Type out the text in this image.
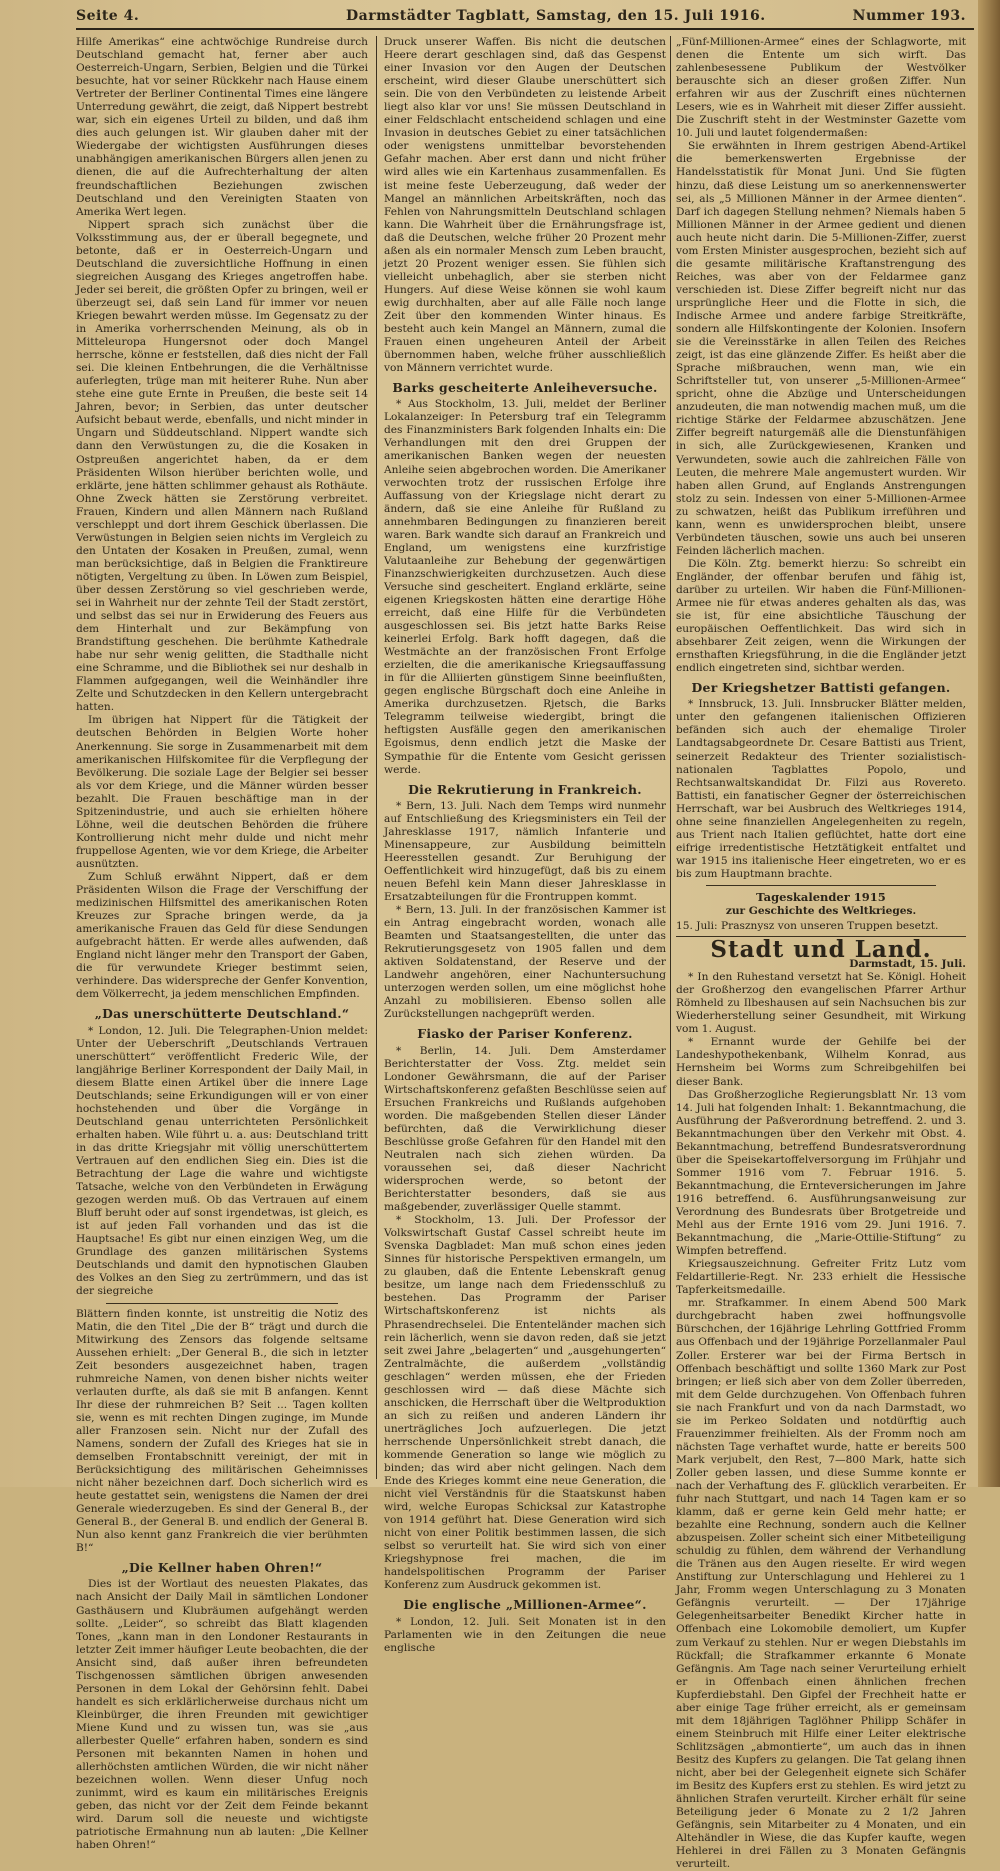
Seite 4.	Darmstädter Tagblatt, Samstag, den 15. Juli 1916.	Nummer 193.

Hilfe Amerikas“ eine achtwöchige Rundreise durch Deutschland gemacht hat, ferner aber auch Oesterreich-Ungarn, Serbien, Belgien und die Türkei besuchte, hat vor seiner Rückkehr nach Hause einem Vertreter der Berliner Continental Times eine längere Unterredung gewährt, die zeigt, daß Nippert bestrebt war, sich ein eigenes Urteil zu bilden, und daß ihm dies auch gelungen ist. Wir glauben daher mit der Wiedergabe der wichtigsten Ausführungen dieses unabhängigen amerikanischen Bürgers allen jenen zu dienen, die auf die Aufrechterhaltung der alten freundschaftlichen Beziehungen zwischen Deutschland und den Vereinigten Staaten von Amerika Wert legen.

Nippert sprach sich zunächst über die Volksstimmung aus, der er überall begegnete, und betonte, daß er in Oesterreich-Ungarn und Deutschland die zuversichtliche Hoffnung in einen siegreichen Ausgang des Krieges angetroffen habe. Jeder sei bereit, die größten Opfer zu bringen, weil er überzeugt sei, daß sein Land für immer vor neuen Kriegen bewahrt werden müsse. Im Gegensatz zu der in Amerika vorherrschenden Meinung, als ob in Mitteleuropa Hungersnot oder doch Mangel herrsche, könne er feststellen, daß dies nicht der Fall sei. Die kleinen Entbehrungen, die die Verhältnisse auferlegten, trüge man mit heiterer Ruhe. Nun aber stehe eine gute Ernte in Preußen, die beste seit 14 Jahren, bevor; in Serbien, das unter deutscher Aufsicht bebaut werde, ebenfalls, und nicht minder in Ungarn und Süddeutschland. Nippert wandte sich dann den Verwüstungen zu, die die Kosaken in Ostpreußen angerichtet haben, da er dem Präsidenten Wilson hierüber berichten wolle, und erklärte, jene hätten schlimmer gehaust als Rothäute. Ohne Zweck hätten sie Zerstörung verbreitet. Frauen, Kindern und allen Männern nach Rußland verschleppt und dort ihrem Geschick überlassen. Die Verwüstungen in Belgien seien nichts im Vergleich zu den Untaten der Kosaken in Preußen, zumal, wenn man berücksichtige, daß in Belgien die Franktireure nötigten, Vergeltung zu üben. In Löwen zum Beispiel, über dessen Zerstörung so viel geschrieben werde, sei in Wahrheit nur der zehnte Teil der Stadt zerstört, und selbst das sei nur in Erwiderung des Feuers aus dem Hinterhalt und zur Bekämpfung von Brandstiftung geschehen. Die berühmte Kathedrale habe nur sehr wenig gelitten, die Stadthalle nicht eine Schramme, und die Bibliothek sei nur deshalb in Flammen aufgegangen, weil die Weinhändler ihre Zelte und Schutzdecken in den Kellern untergebracht hatten.

Im übrigen hat Nippert für die Tätigkeit der deutschen Behörden in Belgien Worte hoher Anerkennung. Sie sorge in Zusammenarbeit mit dem amerikanischen Hilfskomitee für die Verpflegung der Bevölkerung. Die soziale Lage der Belgier sei besser als vor dem Kriege, und die Männer würden besser bezahlt. Die Frauen beschäftige man in der Spitzenindustrie, und auch sie erhielten höhere Löhne, weil die deutschen Behörden die frühere Kontrollierung nicht mehr dulde und nicht mehr fruppellose Agenten, wie vor dem Kriege, die Arbeiter ausnützten.

Zum Schluß erwähnt Nippert, daß er dem Präsidenten Wilson die Frage der Verschiffung der medizinischen Hilfsmittel des amerikanischen Roten Kreuzes zur Sprache bringen werde, da ja amerikanische Frauen das Geld für diese Sendungen aufgebracht hätten. Er werde alles aufwenden, daß England nicht länger mehr den Transport der Gaben, die für verwundete Krieger bestimmt seien, verhindere. Das widerspreche der Genfer Konvention, dem Völkerrecht, ja jedem menschlichen Empfinden.

„Das unerschütterte Deutschland.“

* London, 12. Juli. Die Telegraphen-Union meldet: Unter der Ueberschrift „Deutschlands Vertrauen unerschüttert“ veröffentlicht Frederic Wile, der langjährige Berliner Korrespondent der Daily Mail, in diesem Blatte einen Artikel über die innere Lage Deutschlands; seine Erkundigungen will er von einer hochstehenden und über die Vorgänge in Deutschland genau unterrichteten Persönlichkeit erhalten haben. Wile führt u. a. aus: Deutschland tritt in das dritte Kriegsjahr mit völlig unerschüttertem Vertrauen auf den endlichen Sieg ein. Dies ist die Betrachtung der Lage die wahre und wichtigste Tatsache, welche von den Verbündeten in Erwägung gezogen werden muß. Ob das Vertrauen auf einem Bluff beruht oder auf sonst irgendetwas, ist gleich, es ist auf jeden Fall vorhanden und das ist die Hauptsache! Es gibt nur einen einzigen Weg, um die Grundlage des ganzen militärischen Systems Deutschlands und damit den hypnotischen Glauben des Volkes an den Sieg zu zertrümmern, und das ist der siegreiche

Blättern finden konnte, ist unstreitig die Notiz des Matin, die den Titel „Die der B“ trägt und durch die Mitwirkung des Zensors das folgende seltsame Aussehen erhielt: „Der General B., die sich in letzter Zeit besonders ausgezeichnet haben, tragen ruhmreiche Namen, von denen bisher nichts weiter verlauten durfte, als daß sie mit B anfangen. Kennt Ihr diese der ruhmreichen B? Seit ... Tagen kollten sie, wenn es mit rechten Dingen zuginge, im Munde aller Franzosen sein. Nicht nur der Zufall des Namens, sondern der Zufall des Krieges hat sie in demselben Frontabschnitt vereinigt, der mit in Berücksichtigung des militärischen Geheimnisses nicht näher bezeichnen darf. Doch sicherlich wird es heute gestattet sein, wenigstens die Namen der drei Generale wiederzugeben. Es sind der General B., der General B., der General B. und endlich der General B. Nun also kennt ganz Frankreich die vier berühmten B!“

„Die Kellner haben Ohren!“

Dies ist der Wortlaut des neuesten Plakates, das nach Ansicht der Daily Mail in sämtlichen Londoner Gasthäusern und Klubräumen aufgehängt werden sollte. „Leider“, so schreibt das Blatt klagenden Tones, „kann man in den Londoner Restaurants in letzter Zeit immer häufiger Leute beobachten, die der Ansicht sind, daß außer ihren befreundeten Tischgenossen sämtlichen übrigen anwesenden Personen in dem Lokal der Gehörsinn fehlt. Dabei handelt es sich erklärlicherweise durchaus nicht um Kleinbürger, die ihren Freunden mit gewichtiger Miene Kund und zu wissen tun, was sie „aus allerbester Quelle“ erfahren haben, sondern es sind Personen mit bekannten Namen in hohen und allerhöchsten amtlichen Würden, die wir nicht näher bezeichnen wollen. Wenn dieser Unfug noch zunimmt, wird es kaum ein militärisches Ereignis geben, das nicht vor der Zeit dem Feinde bekannt wird. Darum soll die neueste und wichtigste patriotische Ermahnung nun ab lauten: „Die Kellner haben Ohren!“

Druck unserer Waffen. Bis nicht die deutschen Heere derart geschlagen sind, daß das Gespenst einer Invasion vor den Augen der Deutschen erscheint, wird dieser Glaube unerschüttert sich sein. Die von den Verbündeten zu leistende Arbeit liegt also klar vor uns! Sie müssen Deutschland in einer Feldschlacht entscheidend schlagen und eine Invasion in deutsches Gebiet zu einer tatsächlichen oder wenigstens unmittelbar bevorstehenden Gefahr machen. Aber erst dann und nicht früher wird alles wie ein Kartenhaus zusammenfallen. Es ist meine feste Ueberzeugung, daß weder der Mangel an männlichen Arbeitskräften, noch das Fehlen von Nahrungsmitteln Deutschland schlagen kann. Die Wahrheit über die Ernährungsfrage ist, daß die Deutschen, welche früher 20 Prozent mehr aßen als ein normaler Mensch zum Leben braucht, jetzt 20 Prozent weniger essen. Sie fühlen sich vielleicht unbehaglich, aber sie sterben nicht Hungers. Auf diese Weise können sie wohl kaum ewig durchhalten, aber auf alle Fälle noch lange Zeit über den kommenden Winter hinaus. Es besteht auch kein Mangel an Männern, zumal die Frauen einen ungeheuren Anteil der Arbeit übernommen haben, welche früher ausschließlich von Männern verrichtet wurde.

Barks gescheiterte Anleiheversuche.

* Aus Stockholm, 13. Juli, meldet der Berliner Lokalanzeiger: In Petersburg traf ein Telegramm des Finanzministers Bark folgenden Inhalts ein: Die Verhandlungen mit den drei Gruppen der amerikanischen Banken wegen der neuesten Anleihe seien abgebrochen worden. Die Amerikaner verwochten trotz der russischen Erfolge ihre Auffassung von der Kriegslage nicht derart zu ändern, daß sie eine Anleihe für Rußland zu annehmbaren Bedingungen zu finanzieren bereit waren. Bark wandte sich darauf an Frankreich und England, um wenigstens eine kurzfristige Valutaanleihe zur Behebung der gegenwärtigen Finanzschwierigkeiten durchzusetzen. Auch diese Versuche sind gescheitert. England erklärte, seine eigenen Kriegskosten hätten eine derartige Höhe erreicht, daß eine Hilfe für die Verbündeten ausgeschlossen sei. Bis jetzt hatte Barks Reise keinerlei Erfolg. Bark hofft dagegen, daß die Westmächte an der französischen Front Erfolge erzielten, die die amerikanische Kriegsauffassung in für die Alliierten günstigem Sinne beeinflußten, gegen englische Bürgschaft doch eine Anleihe in Amerika durchzusetzen. Rjetsch, die Barks Telegramm teilweise wiedergibt, bringt die heftigsten Ausfälle gegen den amerikanischen Egoismus, denn endlich jetzt die Maske der Sympathie für die Entente vom Gesicht gerissen werde.

Die Rekrutierung in Frankreich.

* Bern, 13. Juli. Nach dem Temps wird nunmehr auf Entschließung des Kriegsministers ein Teil der Jahresklasse 1917, nämlich Infanterie und Minensappeure, zur Ausbildung beimitteln Heeresstellen gesandt. Zur Beruhigung der Oeffentlichkeit wird hinzugefügt, daß bis zu einem neuen Befehl kein Mann dieser Jahresklasse in Ersatzabteilungen für die Frontruppen kommt.

* Bern, 13. Juli. In der französischen Kammer ist ein Antrag eingebracht worden, wonach alle Beamten und Staatsangestellten, die unter das Rekrutierungsgesetz von 1905 fallen und dem aktiven Soldatenstand, der Reserve und der Landwehr angehören, einer Nachuntersuchung unterzogen werden sollen, um eine möglichst hohe Anzahl zu mobilisieren. Ebenso sollen alle Zurückstellungen nachgeprüft werden.

Fiasko der Pariser Konferenz.

* Berlin, 14. Juli. Dem Amsterdamer Berichterstatter der Voss. Ztg. meldet sein Londoner Gewährsmann, die auf der Pariser Wirtschaftskonferenz gefaßten Beschlüsse seien auf Ersuchen Frankreichs und Rußlands aufgehoben worden. Die maßgebenden Stellen dieser Länder befürchten, daß die Verwirklichung dieser Beschlüsse große Gefahren für den Handel mit den Neutralen nach sich ziehen würden. Da voraussehen sei, daß dieser Nachricht widersprochen werde, so betont der Berichterstatter besonders, daß sie aus maßgebender, zuverlässiger Quelle stammt.

* Stockholm, 13. Juli. Der Professor der Volkswirtschaft Gustaf Cassel schreibt heute im Svenska Dagbladet: Man muß schon eines jeden Sinnes für historische Perspektiven ermangeln, um zu glauben, daß die Entente Lebenskraft genug besitze, um lange nach dem Friedensschluß zu bestehen. Das Programm der Pariser Wirtschaftskonferenz ist nichts als Phrasendrechselei. Die Ententeländer machen sich rein lächerlich, wenn sie davon reden, daß sie jetzt seit zwei Jahre „belagerten“ und „ausgehungerten“ Zentralmächte, die außerdem „vollständig geschlagen“ werden müssen, ehe der Frieden geschlossen wird — daß diese Mächte sich anschicken, die Herrschaft über die Weltproduktion an sich zu reißen und anderen Ländern ihr unerträgliches Joch aufzuerlegen. Die jetzt herrschende Unpersönlichkeit strebt danach, die kommende Generation so lange wie möglich zu binden; das wird aber nicht gelingen. Nach dem Ende des Krieges kommt eine neue Generation, die nicht viel Verständnis für die Staatskunst haben wird, welche Europas Schicksal zur Katastrophe von 1914 geführt hat. Diese Generation wird sich nicht von einer Politik bestimmen lassen, die sich selbst so verurteilt hat. Sie wird sich von einer Kriegshypnose frei machen, die im handelspolitischen Programm der Pariser Konferenz zum Ausdruck gekommen ist.

Die englische „Millionen-Armee“.

* London, 12. Juli. Seit Monaten ist in den Parlamenten wie in den Zeitungen die neue englische

„Fünf-Millionen-Armee“ eines der Schlagworte, mit denen die Entente um sich wirft. Das zahlenbesessene Publikum der Westvölker berauschte sich an dieser großen Ziffer. Nun erfahren wir aus der Zuschrift eines nüchternen Lesers, wie es in Wahrheit mit dieser Ziffer aussieht. Die Zuschrift steht in der Westminster Gazette vom 10. Juli und lautet folgendermaßen:

Sie erwähnten in Ihrem gestrigen Abend-Artikel die bemerkenswerten Ergebnisse der Handelsstatistik für Monat Juni. Und Sie fügten hinzu, daß diese Leistung um so anerkennenswerter sei, als „5 Millionen Männer in der Armee dienten“. Darf ich dagegen Stellung nehmen? Niemals haben 5 Millionen Männer in der Armee gedient und dienen auch heute nicht darin. Die 5-Millionen-Ziffer, zuerst vom Ersten Minister ausgesprochen, bezieht sich auf die gesamte militärische Kraftanstrengung des Reiches, was aber von der Feldarmee ganz verschieden ist. Diese Ziffer begreift nicht nur das ursprüngliche Heer und die Flotte in sich, die Indische Armee und andere farbige Streitkräfte, sondern alle Hilfskontingente der Kolonien. Insofern sie die Vereinsstärke in allen Teilen des Reiches zeigt, ist das eine glänzende Ziffer. Es heißt aber die Sprache mißbrauchen, wenn man, wie ein Schriftsteller tut, von unserer „5-Millionen-Armee“ spricht, ohne die Abzüge und Unterscheidungen anzudeuten, die man notwendig machen muß, um die richtige Stärke der Feldarmee abzuschätzen. Jene Ziffer begreift naturgemäß alle die Dienstunfähigen in sich, alle Zurückgewiesenen, Kranken und Verwundeten, sowie auch die zahlreichen Fälle von Leuten, die mehrere Male angemustert wurden. Wir haben allen Grund, auf Englands Anstrengungen stolz zu sein. Indessen von einer 5-Millionen-Armee zu schwatzen, heißt das Publikum irreführen und kann, wenn es unwidersprochen bleibt, unsere Verbündeten täuschen, sowie uns auch bei unseren Feinden lächerlich machen.

Die Köln. Ztg. bemerkt hierzu: So schreibt ein Engländer, der offenbar berufen und fähig ist, darüber zu urteilen. Wir haben die Fünf-Millionen-Armee nie für etwas anderes gehalten als das, was sie ist, für eine absichtliche Täuschung der europäischen Oeffentlichkeit. Das wird sich in absehbarer Zeit zeigen, wenn die Wirkungen der ernsthaften Kriegsführung, in die die Engländer jetzt endlich eingetreten sind, sichtbar werden.

Der Kriegshetzer Battisti gefangen.

* Innsbruck, 13. Juli. Innsbrucker Blätter melden, unter den gefangenen italienischen Offizieren befänden sich auch der ehemalige Tiroler Landtagsabgeordnete Dr. Cesare Battisti aus Trient, seinerzeit Redakteur des Trienter sozialistisch-nationalen Tagblattes Popolo, und Rechtsanwaltskandidat Dr. Filzi aus Rovereto. Battisti, ein fanatischer Gegner der österreichischen Herrschaft, war bei Ausbruch des Weltkrieges 1914, ohne seine finanziellen Angelegenheiten zu regeln, aus Trient nach Italien geflüchtet, hatte dort eine eifrige irredentistische Hetztätigkeit entfaltet und war 1915 ins italienische Heer eingetreten, wo er es bis zum Hauptmann brachte.

Tageskalender 1915
zur Geschichte des Weltkrieges.
15. Juli: Prasznysz von unseren Truppen besetzt.
Stadt und Land.
Darmstadt, 15. Juli.

* In den Ruhestand versetzt hat Se. Königl. Hoheit der Großherzog den evangelischen Pfarrer Arthur Römheld zu Ilbeshausen auf sein Nachsuchen bis zur Wiederherstellung seiner Gesundheit, mit Wirkung vom 1. August.

* Ernannt wurde der Gehilfe bei der Landeshypothekenbank, Wilhelm Konrad, aus Hernsheim bei Worms zum Schreibgehilfen bei dieser Bank.

Das Großherzogliche Regierungsblatt Nr. 13 vom 14. Juli hat folgenden Inhalt: 1. Bekanntmachung, die Ausführung der Paßverordnung betreffend. 2. und 3. Bekanntmachungen über den Verkehr mit Obst. 4. Bekanntmachung, betreffend Bundesratsverordnung über die Speisekartoffelversorgung im Frühjahr und Sommer 1916 vom 7. Februar 1916. 5. Bekanntmachung, die Ernteversicherungen im Jahre 1916 betreffend. 6. Ausführungsanweisung zur Verordnung des Bundesrats über Brotgetreide und Mehl aus der Ernte 1916 vom 29. Juni 1916. 7. Bekanntmachung, die „Marie-Ottilie-Stiftung“ zu Wimpfen betreffend.

Kriegsauszeichnung. Gefreiter Fritz Lutz vom Feldartillerie-Regt. Nr. 233 erhielt die Hessische Tapferkeitsmedaille.

mr. Strafkammer. In einem Abend 500 Mark durchgebracht haben zwei hoffnungsvolle Bürschchen, der 16jährige Lehrling Gottfried Fromm aus Offenbach und der 19jährige Porzellanmaler Paul Zoller. Ersterer war bei der Firma Bertsch in Offenbach beschäftigt und sollte 1360 Mark zur Post bringen; er ließ sich aber von dem Zoller überreden, mit dem Gelde durchzugehen. Von Offenbach fuhren sie nach Frankfurt und von da nach Darmstadt, wo sie im Perkeo Soldaten und notdürftig auch Frauenzimmer freihielten. Als der Fromm noch am nächsten Tage verhaftet wurde, hatte er bereits 500 Mark verjubelt, den Rest, 7—800 Mark, hatte sich Zoller geben lassen, und diese Summe konnte er nach der Verhaftung des F. glücklich verarbeiten. Er fuhr nach Stuttgart, und nach 14 Tagen kam er so klamm, daß er gerne kein Geld mehr hatte; er bezahlte eine Rechnung, sondern auch die Kellner abzuspeisen. Zoller scheint sich einer Mitbeteiligung schuldig zu fühlen, dem während der Verhandlung die Tränen aus den Augen rieselte. Er wird wegen Anstiftung zur Unterschlagung und Hehlerei zu 1 Jahr, Fromm wegen Unterschlagung zu 3 Monaten Gefängnis verurteilt. — Der 17jährige Gelegenheitsarbeiter Benedikt Kircher hatte in Offenbach eine Lokomobile demoliert, um Kupfer zum Verkauf zu stehlen. Nur er wegen Diebstahls im Rückfall; die Strafkammer erkannte 6 Monate Gefängnis. Am Tage nach seiner Verurteilung erhielt er in Offenbach einen ähnlichen frechen Kupferdiebstahl. Den Gipfel der Frechheit hatte er aber einige Tage früher erreicht, als er gemeinsam mit dem 18jährigen Taglöhner Philipp Schäfer in einem Steinbruch mit Hilfe einer Leiter elektrische Schlitzsägen „abmontierte“, um auch das in ihnen Besitz des Kupfers zu gelangen. Die Tat gelang ihnen nicht, aber bei der Gelegenheit eignete sich Schäfer im Besitz des Kupfers erst zu stehlen. Es wird jetzt zu ähnlichen Strafen verurteilt. Kircher erhält für seine Beteiligung jeder 6 Monate zu 2 1/2 Jahren Gefängnis, sein Mitarbeiter zu 4 Monaten, und ein Altehändler in Wiese, die das Kupfer kaufte, wegen Hehlerei in drei Fällen zu 3 Monaten Gefängnis verurteilt.
